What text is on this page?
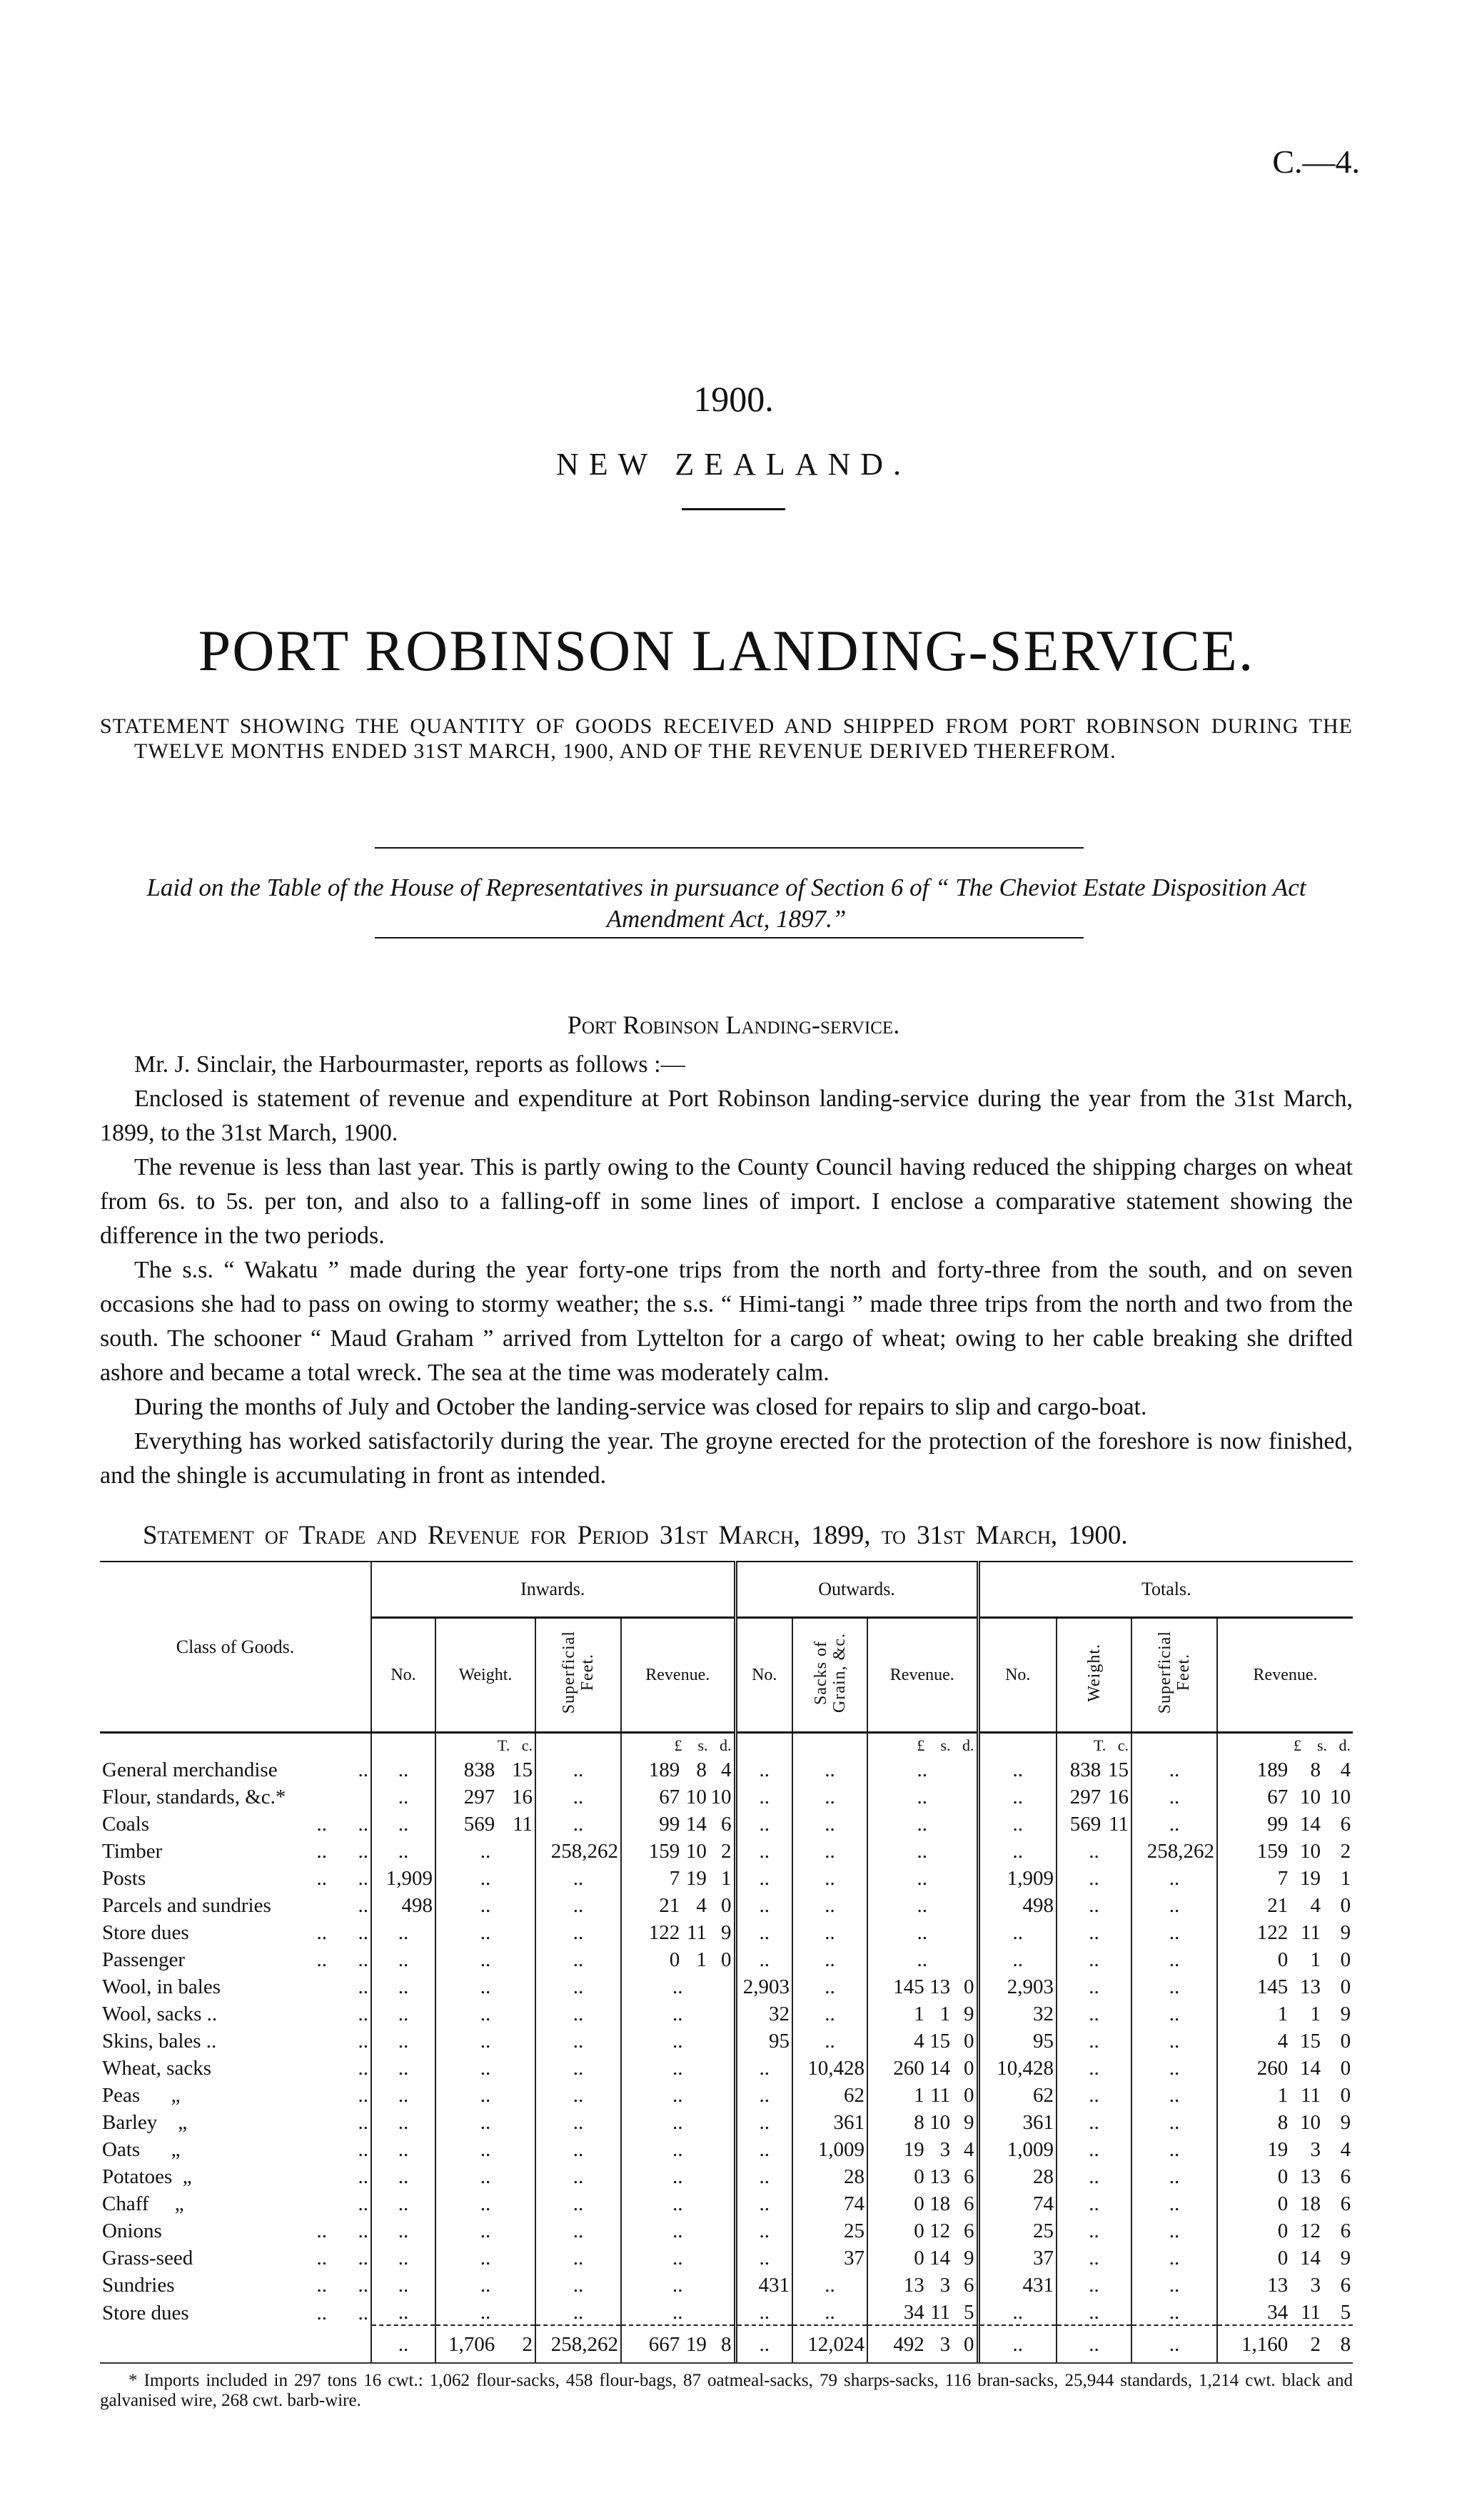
C.—4.
1900.
NEW ZEALAND.
PORT ROBINSON LANDING-SERVICE.
STATEMENT SHOWING THE QUANTITY OF GOODS RECEIVED AND SHIPPED FROM PORT ROBINSON DURING THE TWELVE MONTHS ENDED 31ST MARCH, 1900, AND OF THE REVENUE DERIVED THEREFROM.
Laid on the Table of the House of Representatives in pursuance of Section 6 of “ The Cheviot Estate Disposition Act Amendment Act, 1897.”
Port Robinson Landing-service.

Mr. J. Sinclair, the Harbourmaster, reports as follows :—

Enclosed is statement of revenue and expenditure at Port Robinson landing-service during the year from the 31st March, 1899, to the 31st March, 1900.

The revenue is less than last year. This is partly owing to the County Council having reduced the shipping charges on wheat from 6s. to 5s. per ton, and also to a falling-off in some lines of import. I enclose a comparative statement showing the difference in the two periods.

The s.s. “ Wakatu ” made during the year forty-one trips from the north and forty-three from the south, and on seven occasions she had to pass on owing to stormy weather; the s.s. “ Himi-tangi ” made three trips from the north and two from the south. The schooner “ Maud Graham ” arrived from Lyttelton for a cargo of wheat; owing to her cable breaking she drifted ashore and became a total wreck. The sea at the time was moderately calm.

During the months of July and October the landing-service was closed for repairs to slip and cargo-boat.

Everything has worked satisfactorily during the year. The groyne erected for the protection of the foreshore is now finished, and the shingle is accumulating in front as intended.

Statement of Trade and Revenue for Period 31st March, 1899, to 31st March, 1900.
Class of Goods.	Inwards.				Outwards.			Totals.			
	No.	Weight.	Superficial
Feet.	Revenue.	No.	Sacks of
Grain, &c.	Revenue.	No.	Weight.	Superficial
Feet.	Revenue.
		T.   c.		£    s.   d.			£    s.   d.		T.   c.		£    s.   d.

General merchandise ..	..	838 15	..	189 8 4	..	..	..	..	838 15	..	189 8 4

Flour, standards, &c.*	..	297 16	..	67 10 10	..	..	..	..	297 16	..	67 10 10

Coals ..      ..	..	569 11	..	99 14 6	..	..	..	..	569 11	..	99 14 6

Timber ..      ..	..	..	258,262	159 10 2	..	..	..	..	..	258,262	159 10 2

Posts ..      ..	1,909	..	..	7 19 1	..	..	..	1,909	..	..	7 19 1

Parcels and sundries ..	498	..	..	21 4 0	..	..	..	498	..	..	21 4 0

Store dues ..      ..	..	..	..	122 11 9	..	..	..	..	..	..	122 11 9

Passenger ..      ..	..	..	..	0 1 0	..	..	..	..	..	..	0 1 0

Wool, in bales ..	..	..	..	..	2,903	..	145 13 0	2,903	..	..	145 13 0

Wool, sacks .. ..	..	..	..	..	32	..	1 1 9	32	..	..	1 1 9

Skins, bales .. ..	..	..	..	..	95	..	4 15 0	95	..	..	4 15 0

Wheat, sacks ..	..	..	..	..	..	10,428	260 14 0	10,428	..	..	260 14 0

Peas      „ ..	..	..	..	..	..	62	1 11 0	62	..	..	1 11 0

Barley    „ ..	..	..	..	..	..	361	8 10 9	361	..	..	8 10 9

Oats      „ ..	..	..	..	..	..	1,009	19 3 4	1,009	..	..	19 3 4

Potatoes  „ ..	..	..	..	..	..	28	0 13 6	28	..	..	0 13 6

Chaff     „ ..	..	..	..	..	..	74	0 18 6	74	..	..	0 18 6

Onions ..      ..	..	..	..	..	..	25	0 12 6	25	..	..	0 12 6

Grass-seed ..      ..	..	..	..	..	..	37	0 14 9	37	..	..	0 14 9

Sundries ..      ..	..	..	..	..	431	..	13 3 6	431	..	..	13 3 6

Store dues ..      ..	..	..	..	..	..	..	34 11 5	..	..	..	34 11 5

	..	1,706 2	258,262	667 19 8	..	12,024	492 3 0	..	..	..	1,160 2 8
* Imports included in 297 tons 16 cwt.: 1,062 flour-sacks, 458 flour-bags, 87 oatmeal-sacks, 79 sharps-sacks, 116 bran-sacks, 25,944 standards, 1,214 cwt. black and galvanised wire, 268 cwt. barb-wire.
